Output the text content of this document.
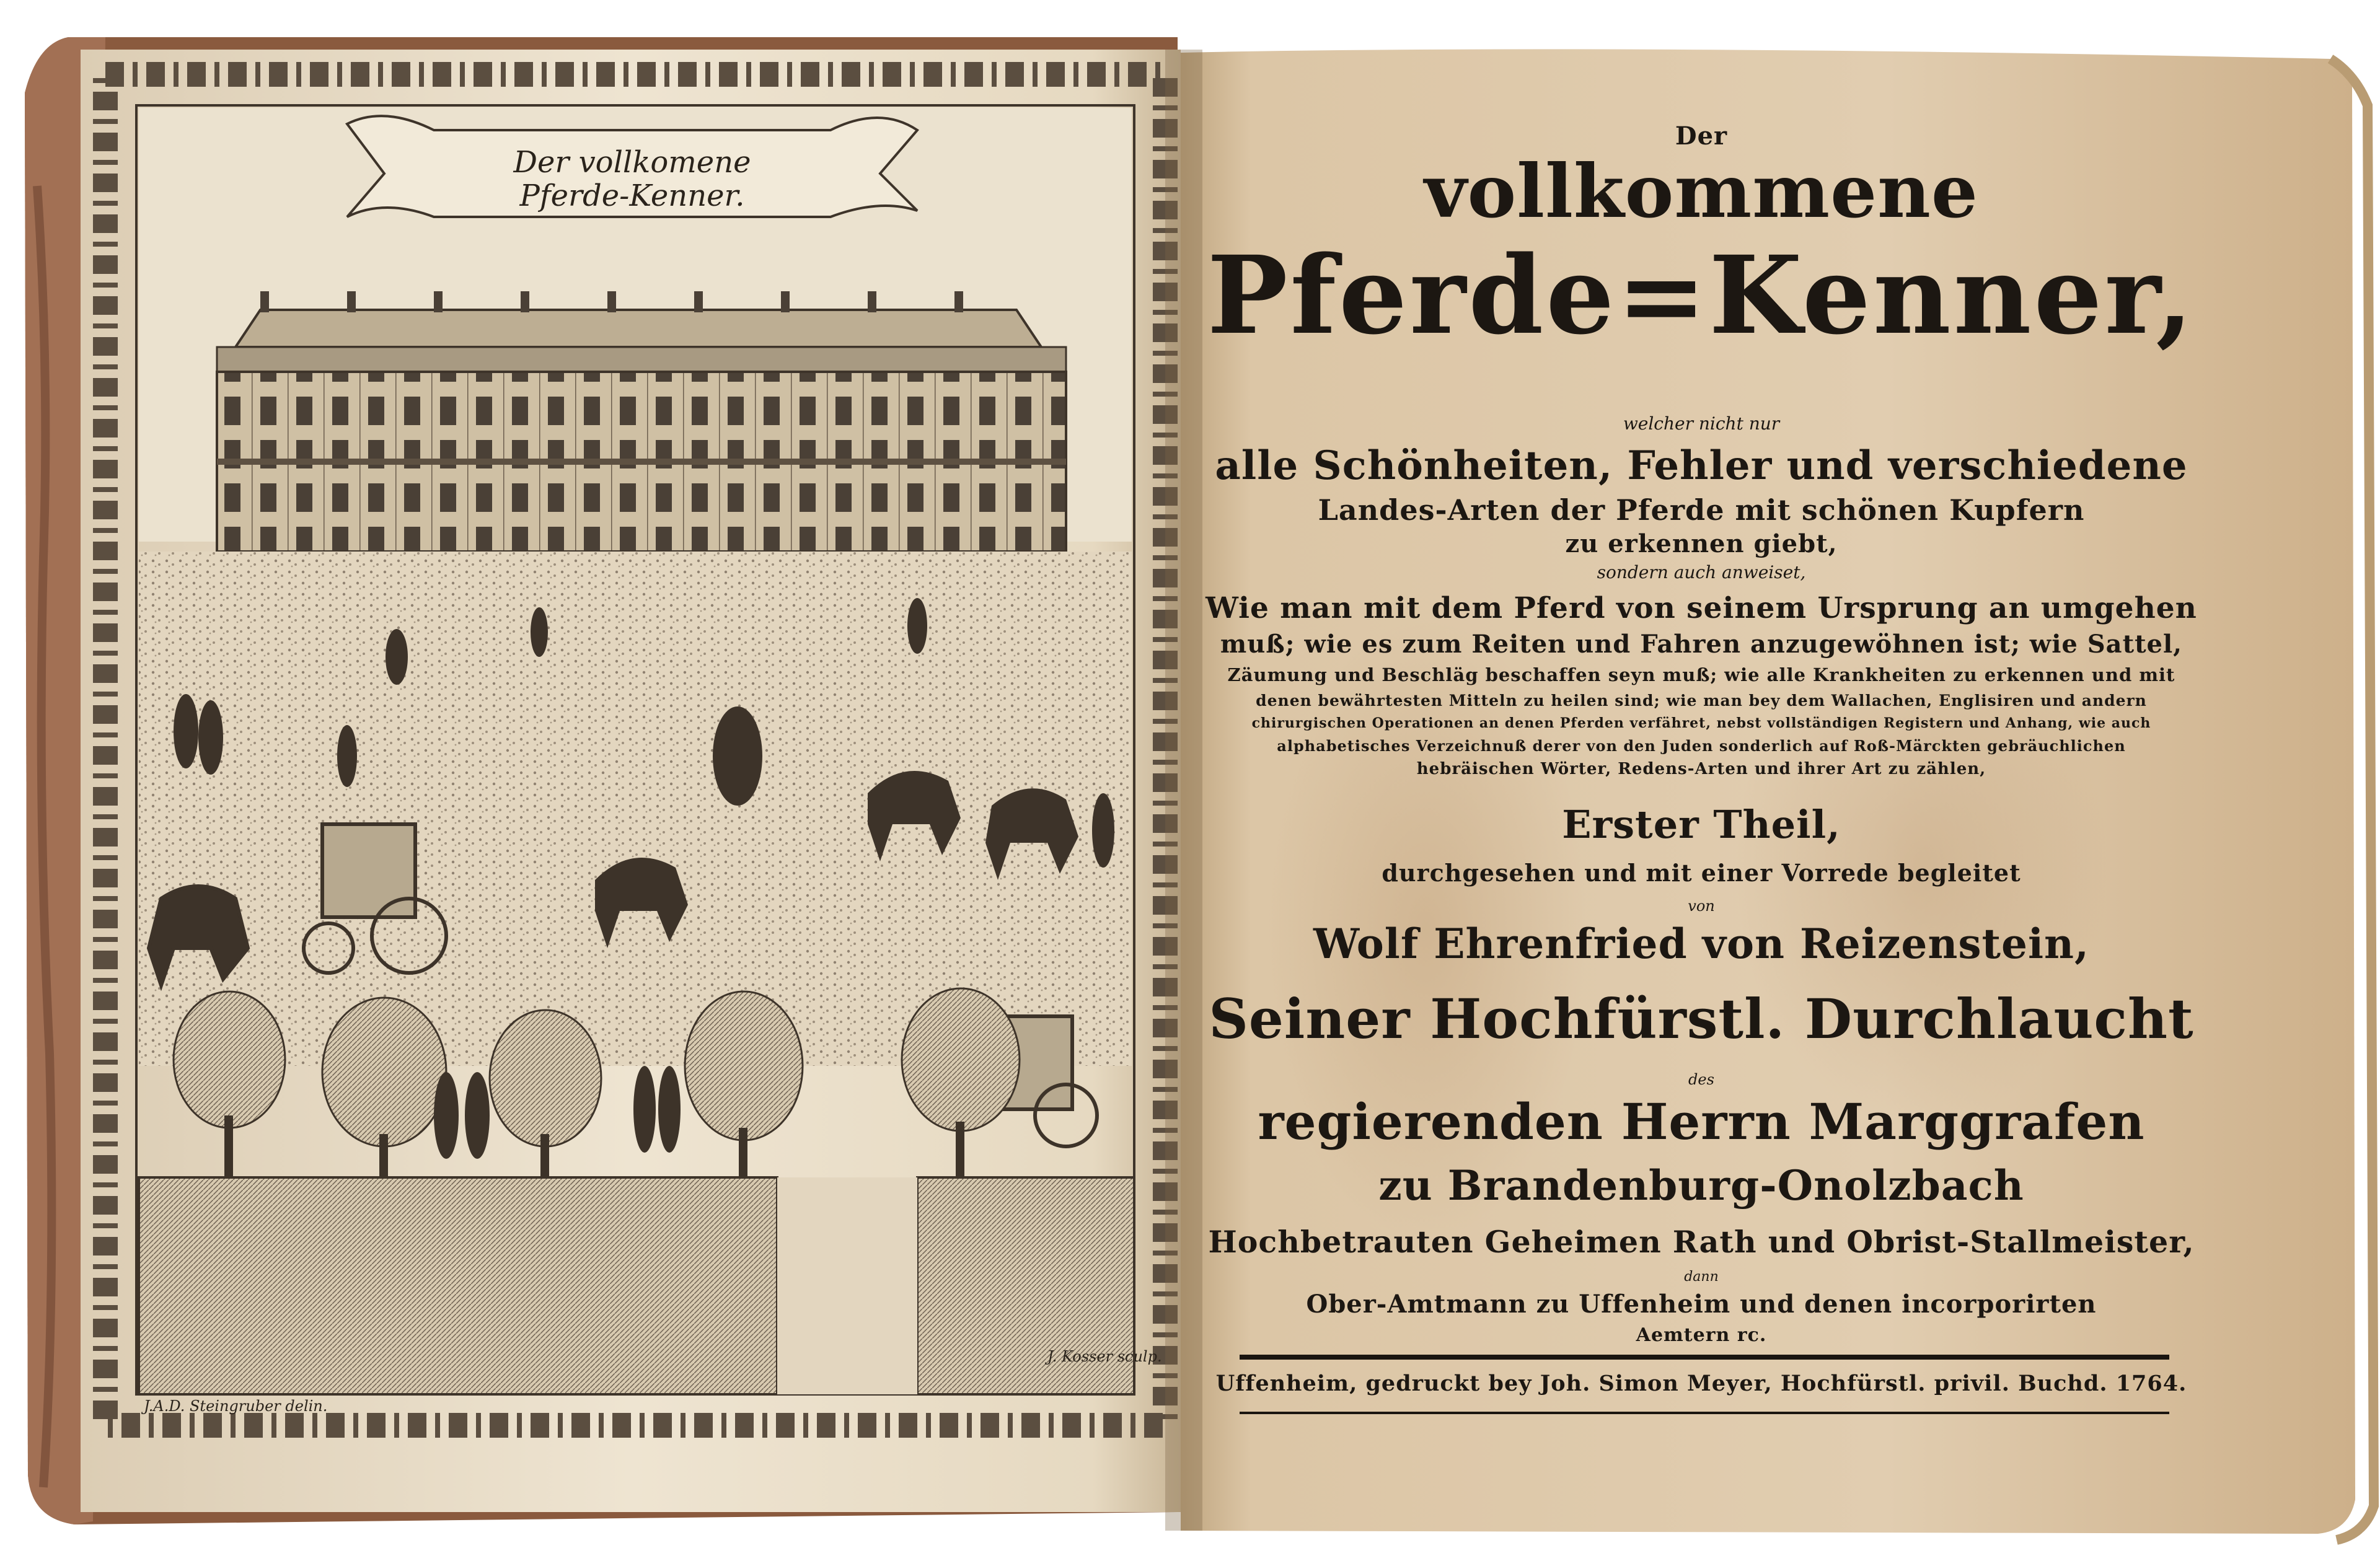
Der vollkomene Pferde-Kenner.
J.A.D. Steingruber delin.
J. Kosser sculp.
Der
vollkommene
Pferde=Kenner,
welcher nicht nur
alle Schönheiten, Fehler und verschiedene
Landes-Arten der Pferde mit schönen Kupfern
zu erkennen giebt,
sondern auch anweiset,
Wie man mit dem Pferd von seinem Ursprung an umgehen
muß; wie es zum Reiten und Fahren anzugewöhnen ist; wie Sattel,
Zäumung und Beschläg beschaffen seyn muß; wie alle Krankheiten zu erkennen und mit
denen bewährtesten Mitteln zu heilen sind; wie man bey dem Wallachen, Englisiren und andern
chirurgischen Operationen an denen Pferden verfähret, nebst vollständigen Registern und Anhang, wie auch
alphabetisches Verzeichnuß derer von den Juden sonderlich auf Roß-Märckten gebräuchlichen
hebräischen Wörter, Redens-Arten und ihrer Art zu zählen,
Erster Theil,
durchgesehen und mit einer Vorrede begleitet
von
Wolf Ehrenfried von Reizenstein,
Seiner Hochfürstl. Durchlaucht
des
regierenden Herrn Marggrafen
zu Brandenburg-Onolzbach
Hochbetrauten Geheimen Rath und Obrist-Stallmeister,
dann
Ober-Amtmann zu Uffenheim und denen incorporirten
Aemtern rc.
Uffenheim, gedruckt bey Joh. Simon Meyer, Hochfürstl. privil. Buchd. 1764.
